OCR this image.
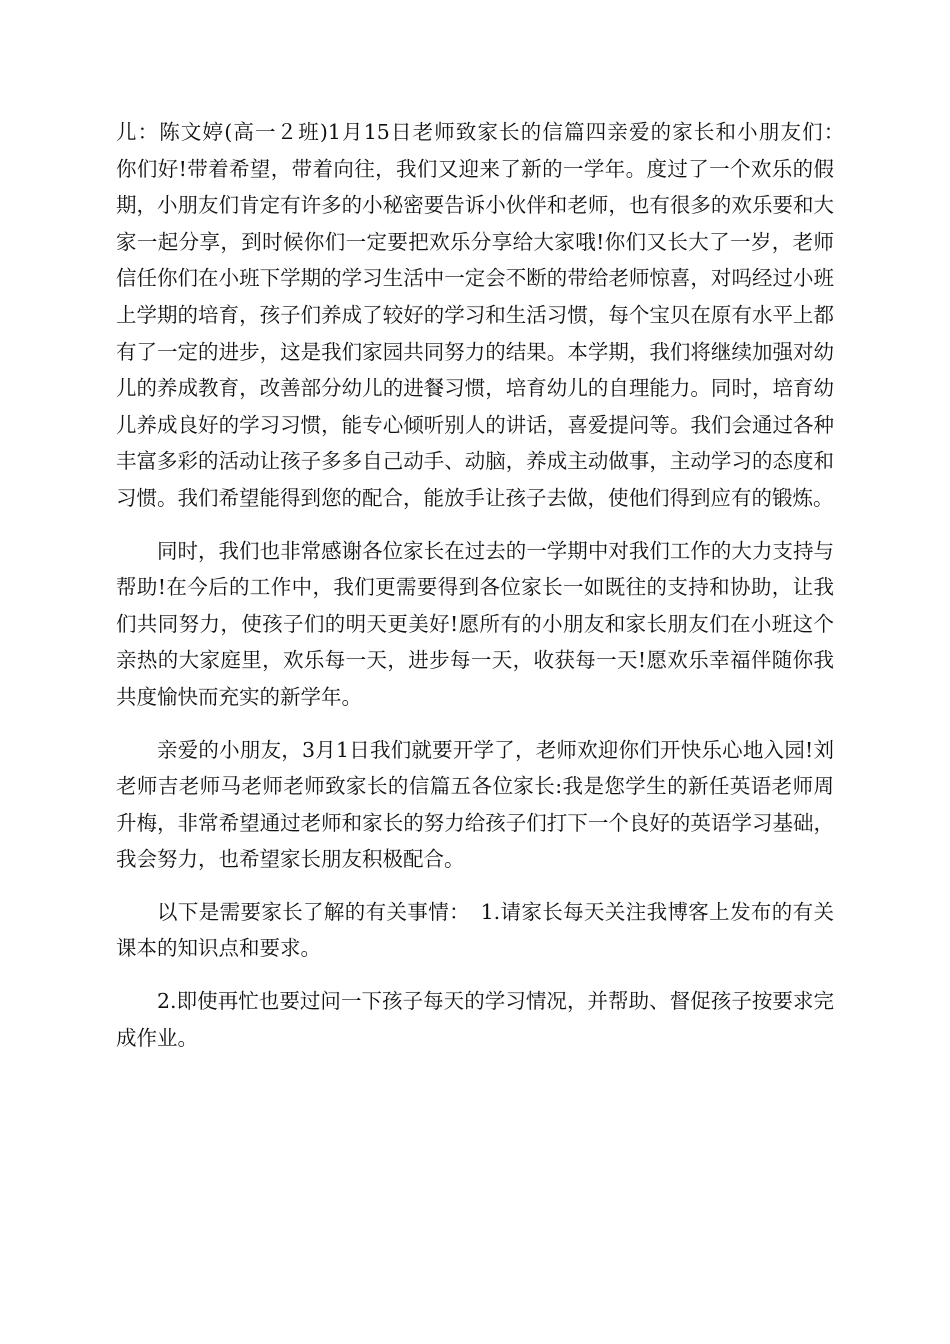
儿：陈文婷(高一２班)1月15日老师致家长的信篇四亲爱的家长和小朋友们：　　你们好!带着希望，带着向往，我们又迎来了新的一学年。度过了一个欢乐的假期，小朋友们肯定有许多的小秘密要告诉小伙伴和老师，也有很多的欢乐要和大家一起分享，到时候你们一定要把欢乐分享给大家哦!你们又长大了一岁，老师信任你们在小班下学期的学习生活中一定会不断的带给老师惊喜，对吗经过小班上学期的培育，孩子们养成了较好的学习和生活习惯，每个宝贝在原有水平上都有了一定的进步，这是我们家园共同努力的结果。本学期，我们将继续加强对幼儿的养成教育，改善部分幼儿的进餐习惯，培育幼儿的自理能力。同时，培育幼儿养成良好的学习习惯，能专心倾听别人的讲话，喜爱提问等。我们会通过各种丰富多彩的活动让孩子多多自己动手、动脑，养成主动做事，主动学习的态度和习惯。我们希望能得到您的配合，能放手让孩子去做，使他们得到应有的锻炼。

同时，我们也非常感谢各位家长在过去的一学期中对我们工作的大力支持与帮助!在今后的工作中，我们更需要得到各位家长一如既往的支持和协助，让我们共同努力，使孩子们的明天更美好!愿所有的小朋友和家长朋友们在小班这个亲热的大家庭里，欢乐每一天，进步每一天，收获每一天!愿欢乐幸福伴随你我共度愉快而充实的新学年。

亲爱的小朋友，3月1日我们就要开学了，老师欢迎你们开快乐心地入园!刘老师吉老师马老师老师致家长的信篇五各位家长:我是您学生的新任英语老师周升梅，非常希望通过老师和家长的努力给孩子们打下一个良好的英语学习基础，我会努力，也希望家长朋友积极配合。

以下是需要家长了解的有关事情：　1.请家长每天关注我博客上发布的有关课本的知识点和要求。

2.即使再忙也要过问一下孩子每天的学习情况，并帮助、督促孩子按要求完成作业。
